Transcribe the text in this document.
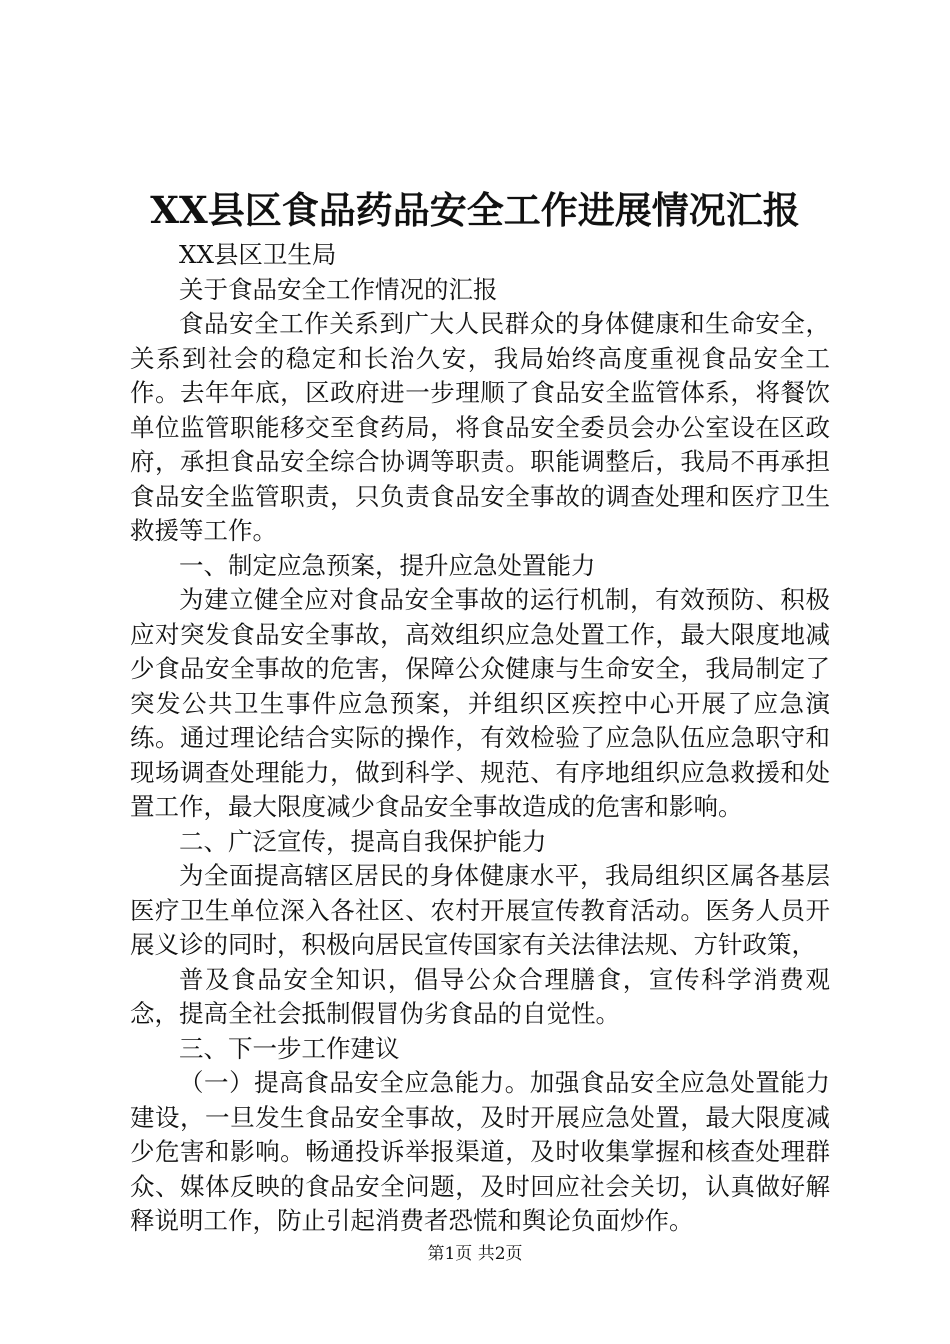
XX县区食品药品安全工作进展情况汇报

XX县区卫生局

关于食品安全工作情况的汇报

食品安全工作关系到广大人民群众的身体健康和生命安全，关系到社会的稳定和长治久安，我局始终高度重视食品安全工作。去年年底，区政府进一步理顺了食品安全监管体系，将餐饮单位监管职能移交至食药局，将食品安全委员会办公室设在区政府，承担食品安全综合协调等职责。职能调整后，我局不再承担食品安全监管职责，只负责食品安全事故的调查处理和医疗卫生救援等工作。

一、制定应急预案，提升应急处置能力

为建立健全应对食品安全事故的运行机制，有效预防、积极应对突发食品安全事故，高效组织应急处置工作，最大限度地减少食品安全事故的危害，保障公众健康与生命安全，我局制定了突发公共卫生事件应急预案，并组织区疾控中心开展了应急演练。通过理论结合实际的操作，有效检验了应急队伍应急职守和现场调查处理能力，做到科学、规范、有序地组织应急救援和处置工作，最大限度减少食品安全事故造成的危害和影响。

二、广泛宣传，提高自我保护能力

为全面提高辖区居民的身体健康水平，我局组织区属各基层医疗卫生单位深入各社区、农村开展宣传教育活动。医务人员开展义诊的同时，积极向居民宣传国家有关法律法规、方针政策，

普及食品安全知识，倡导公众合理膳食，宣传科学消费观念，提高全社会抵制假冒伪劣食品的自觉性。

三、下一步工作建议

（一）提高食品安全应急能力。加强食品安全应急处置能力建设，一旦发生食品安全事故，及时开展应急处置，最大限度减少危害和影响。畅通投诉举报渠道，及时收集掌握和核查处理群众、媒体反映的食品安全问题，及时回应社会关切，认真做好解释说明工作，防止引起消费者恐慌和舆论负面炒作。

第1页 共2页
